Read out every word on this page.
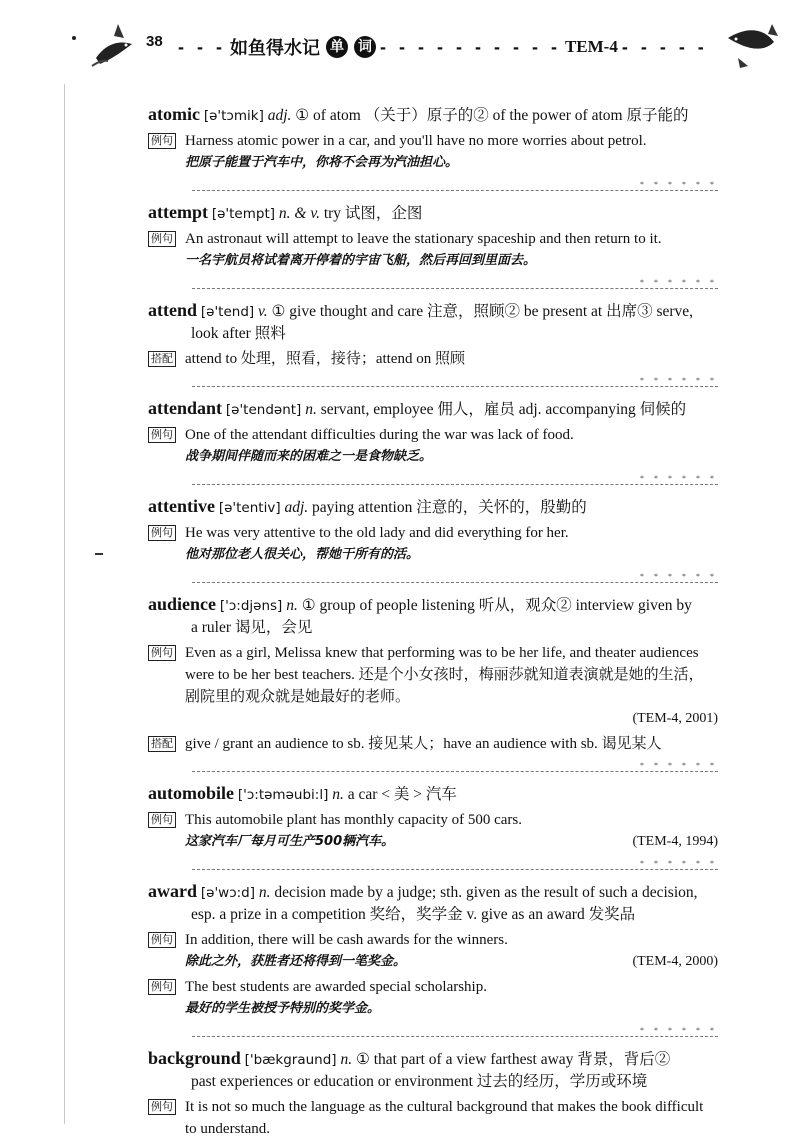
38 - - - 如鱼得水记 单 词 - - - - - - - - - - TEM-4 - - - - -
atomic [ə'tɔmik] adj. ① of atom （关于）原子的② of the power of atom 原子能的
例句 Harness atomic power in a car, and you'll have no more worries about petrol.
把原子能置于汽车中，你将不会再为汽油担心。
* * * * * *
attempt [ə'tempt] n. & v. try 试图，企图
例句 An astronaut will attempt to leave the stationary spaceship and then return to it.
一名宇航员将试着离开停着的宇宙飞船，然后再回到里面去。
* * * * * *
attend [ə'tend] v. ① give thought and care 注意，照顾② be present at 出席③ serve,
look after 照料
搭配 attend to 处理，照看，接待；attend on 照顾
* * * * * *
attendant [ə'tendənt] n. servant, employee 佣人，雇员 adj. accompanying 伺候的
例句 One of the attendant difficulties during the war was lack of food.
战争期间伴随而来的困难之一是食物缺乏。
* * * * * *
attentive [ə'tentiv] adj. paying attention 注意的，关怀的，殷勤的
例句 He was very attentive to the old lady and did everything for her.
他对那位老人很关心，帮她干所有的活。
* * * * * *
audience ['ɔ:djəns] n. ① group of people listening 听从，观众② interview given by
a ruler 谒见，会见
例句 Even as a girl, Melissa knew that performing was to be her life, and theater audiences were to be her best teachers. 还是个小女孩时，梅丽莎就知道表演就是她的生活，剧院里的观众就是她最好的老师。
(TEM-4, 2001)
搭配 give / grant an audience to sb. 接见某人；have an audience with sb. 谒见某人
* * * * * *
automobile ['ɔ:təməubi:l] n. a car < 美 > 汽车
例句 This automobile plant has monthly capacity of 500 cars.
这家汽车厂每月可生产500辆汽车。	(TEM-4, 1994)
* * * * * *
award [ə'wɔ:d] n. decision made by a judge; sth. given as the result of such a decision,
esp. a prize in a competition 奖给，奖学金 v. give as an award 发奖品
例句 In addition, there will be cash awards for the winners.
除此之外，获胜者还将得到一笔奖金。	(TEM-4, 2000)
例句 The best students are awarded special scholarship.
最好的学生被授予特别的奖学金。
* * * * * *
background ['bækgraund] n. ① that part of a view farthest away 背景，背后②
past experiences or education or environment 过去的经历，学历或环境
例句 It is not so much the language as the cultural background that makes the book difficult to understand.
